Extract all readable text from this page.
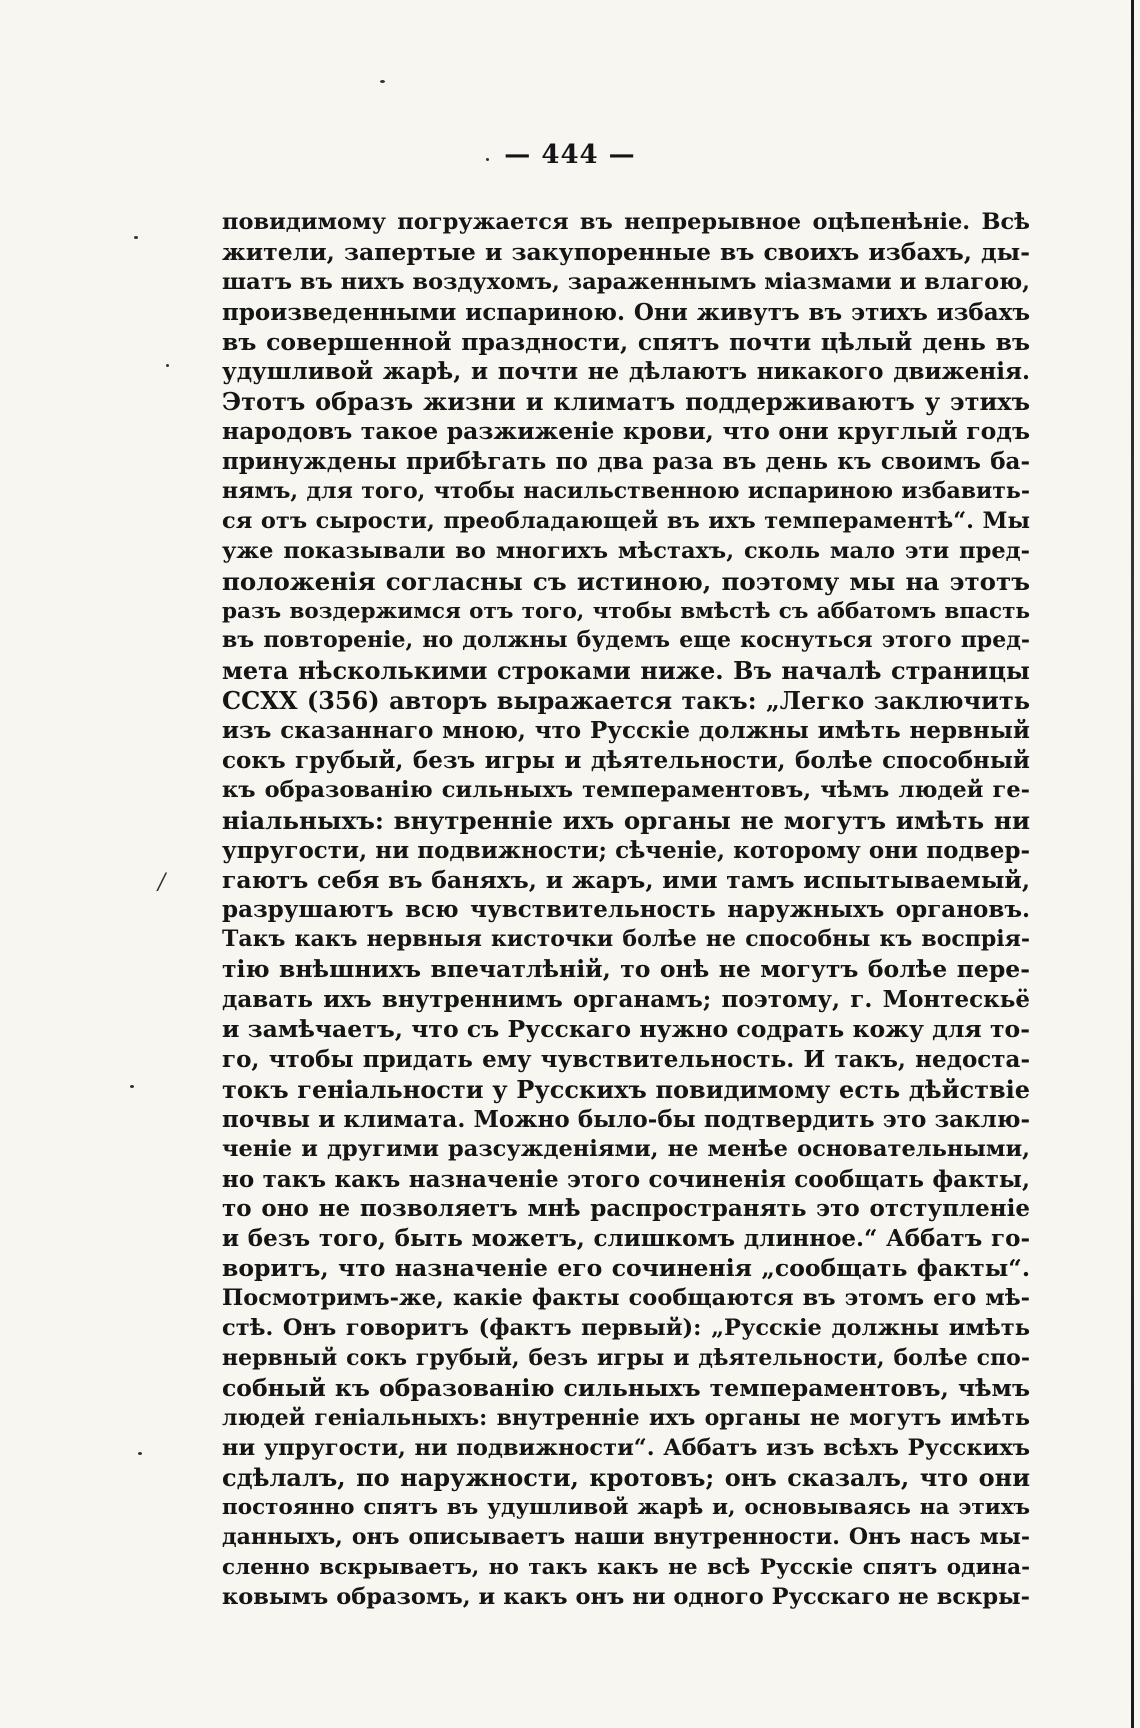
— 444 —
/
повидимому погружается въ непрерывное оцѣпенѣніе. Всѣ
жители, запертые и закупоренные въ своихъ избахъ, ды-
шатъ въ нихъ воздухомъ, зараженнымъ міазмами и влагою,
произведенными испариною. Они живутъ въ этихъ избахъ
въ совершенной праздности, спятъ почти цѣлый день въ
удушливой жарѣ, и почти не дѣлаютъ никакого движенія.
Этотъ образъ жизни и климатъ поддерживаютъ у этихъ
народовъ такое разжиженіе крови, что они круглый годъ
принуждены прибѣгать по два раза въ день къ своимъ ба-
нямъ, для того, чтобы насильственною испариною избавить-
ся отъ сырости, преобладающей въ ихъ темпераментѣ“. Мы
уже показывали во многихъ мѣстахъ, сколь мало эти пред-
положенія согласны съ истиною, поэтому мы на этотъ
разъ воздержимся отъ того, чтобы вмѣстѣ съ аббатомъ впасть
въ повтореніе, но должны будемъ еще коснуться этого пред-
мета нѣсколькими строками ниже. Въ началѣ страницы
CCXX (356) авторъ выражается такъ: „Легко заключить
изъ сказаннаго мною, что Русскіе должны имѣть нервный
сокъ грубый, безъ игры и дѣятельности, болѣе способный
къ образованію сильныхъ темпераментовъ, чѣмъ людей ге-
ніальныхъ: внутренніе ихъ органы не могутъ имѣть ни
упругости, ни подвижности; сѣченіе, которому они подвер-
гаютъ себя въ баняхъ, и жаръ, ими тамъ испытываемый,
разрушаютъ всю чувствительность наружныхъ органовъ.
Такъ какъ нервныя кисточки болѣе не способны къ воспрія-
тію внѣшнихъ впечатлѣній, то онѣ не могутъ болѣе пере-
давать ихъ внутреннимъ органамъ; поэтому, г. Монтескьё
и замѣчаетъ, что съ Русскаго нужно содрать кожу для то-
го, чтобы придать ему чувствительность. И такъ, недоста-
токъ геніальности у Русскихъ повидимому есть дѣйствіе
почвы и климата. Можно было-бы подтвердить это заклю-
ченіе и другими разсужденіями, не менѣе основательными,
но такъ какъ назначеніе этого сочиненія сообщать факты,
то оно не позволяетъ мнѣ распространять это отступленіе
и безъ того, быть можетъ, слишкомъ длинное.“ Аббатъ го-
воритъ, что назначеніе его сочиненія „сообщать факты“.
Посмотримъ-же, какіе факты сообщаются въ этомъ его мѣ-
стѣ. Онъ говоритъ (фактъ первый): „Русскіе должны имѣть
нервный сокъ грубый, безъ игры и дѣятельности, болѣе спо-
собный къ образованію сильныхъ темпераментовъ, чѣмъ
людей геніальныхъ: внутренніе ихъ органы не могутъ имѣть
ни упругости, ни подвижности“. Аббатъ изъ всѣхъ Русскихъ
сдѣлалъ, по наружности, кротовъ; онъ сказалъ, что они
постоянно спятъ въ удушливой жарѣ и, основываясь на этихъ
данныхъ, онъ описываетъ наши внутренности. Онъ насъ мы-
сленно вскрываетъ, но такъ какъ не всѣ Русскіе спятъ одина-
ковымъ образомъ, и какъ онъ ни одного Русскаго не вскры-
